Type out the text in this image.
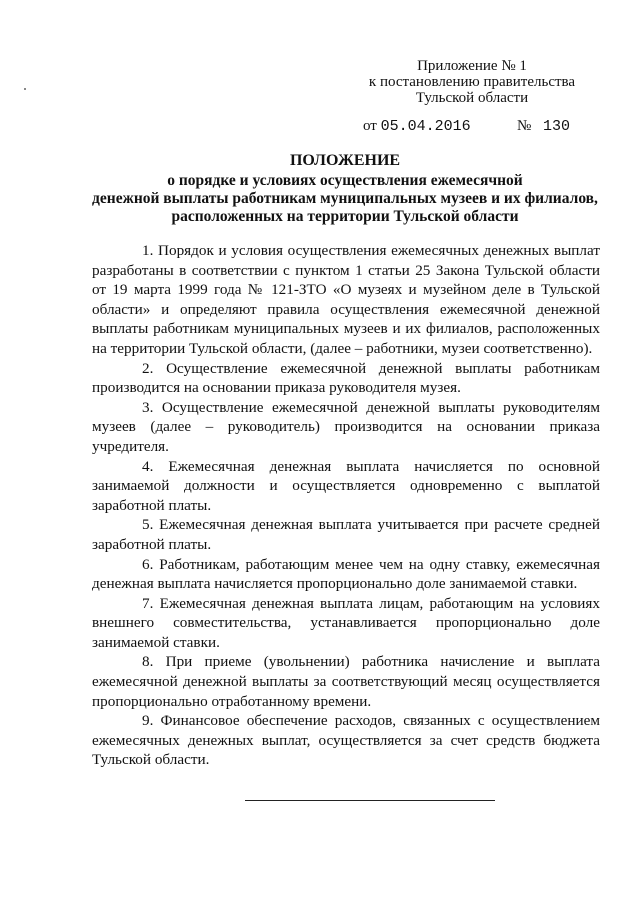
Приложение № 1
к постановлению правительства
Тульской области
от 05.04.2016	№ 130
ПОЛОЖЕНИЕ
о порядке и условиях осуществления ежемесячной
денежной выплаты работникам муниципальных музеев и их филиалов,
расположенных на территории Тульской области

1. Порядок и условия осуществления ежемесячных денежных выплат разработаны в соответствии с пунктом 1 статьи 25 Закона Тульской области от 19 марта 1999 года № 121-ЗТО «О музеях и музейном деле в Тульской области» и определяют правила осуществления ежемесячной денежной выплаты работникам муниципальных музеев и их филиалов, расположенных на территории Тульской области, (далее – работники, музеи соответственно).

2. Осуществление ежемесячной денежной выплаты работникам производится на основании приказа руководителя музея.

3. Осуществление ежемесячной денежной выплаты руководителям музеев (далее – руководитель) производится на основании приказа учредителя.

4. Ежемесячная денежная выплата начисляется по основной занимаемой должности и осуществляется одновременно с выплатой заработной платы.

5. Ежемесячная денежная выплата учитывается при расчете средней заработной платы.

6. Работникам, работающим менее чем на одну ставку, ежемесячная денежная выплата начисляется пропорционально доле занимаемой ставки.

7. Ежемесячная денежная выплата лицам, работающим на условиях внешнего совместительства, устанавливается пропорционально доле занимаемой ставки.

8. При приеме (увольнении) работника начисление и выплата ежемесячной денежной выплаты за соответствующий месяц осуществляется пропорционально отработанному времени.

9. Финансовое обеспечение расходов, связанных с осуществлением ежемесячных денежных выплат, осуществляется за счет средств бюджета Тульской области.
